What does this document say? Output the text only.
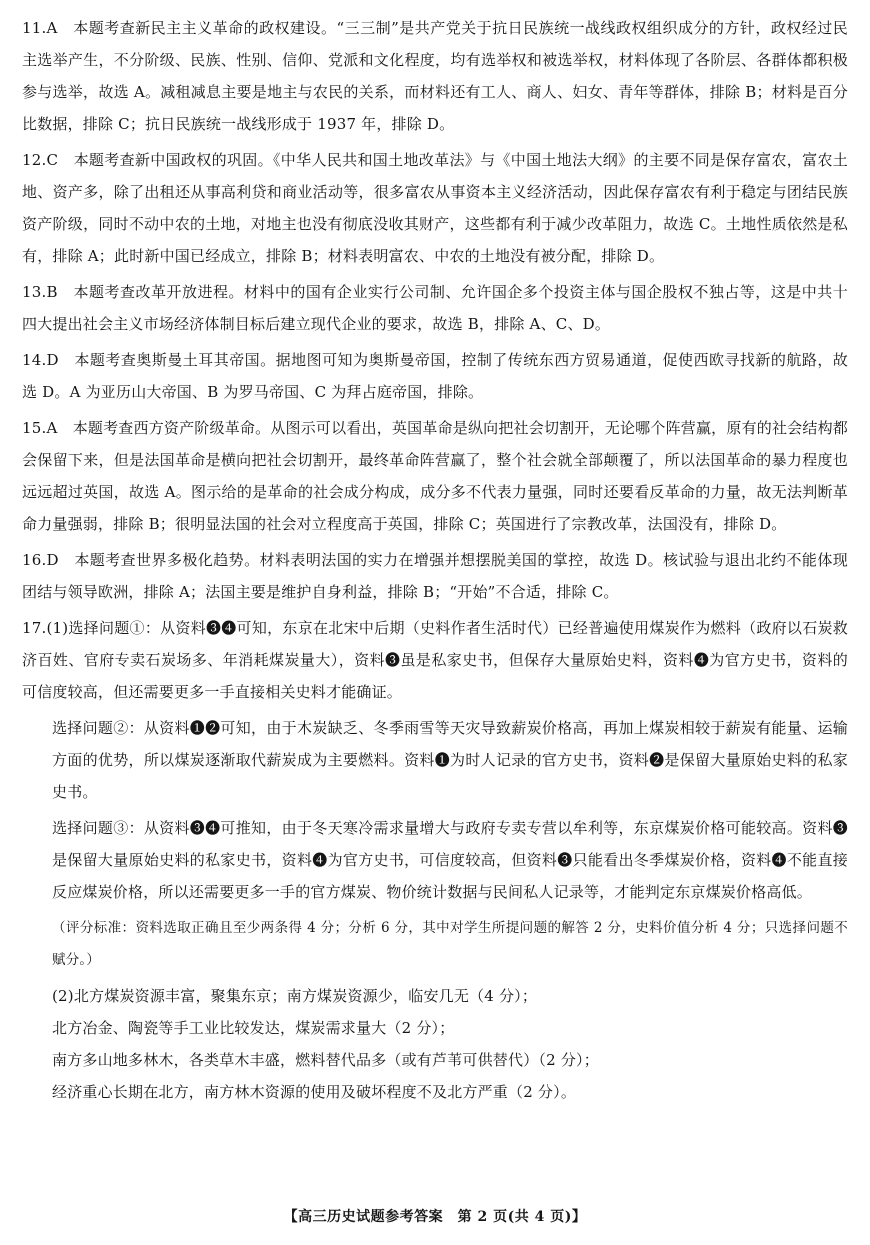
11.A　本题考查新民主主义革命的政权建设。“三三制”是共产党关于抗日民族统一战线政权组织成分的方针，政权经过民主选举产生，不分阶级、民族、性别、信仰、党派和文化程度，均有选举权和被选举权，材料体现了各阶层、各群体都积极参与选举，故选 A。减租减息主要是地主与农民的关系，而材料还有工人、商人、妇女、青年等群体，排除 B；材料是百分比数据，排除 C；抗日民族统一战线形成于 1937 年，排除 D。

12.C　本题考查新中国政权的巩固。《中华人民共和国土地改革法》与《中国土地法大纲》的主要不同是保存富农，富农土地、资产多，除了出租还从事高利贷和商业活动等，很多富农从事资本主义经济活动，因此保存富农有利于稳定与团结民族资产阶级，同时不动中农的土地，对地主也没有彻底没收其财产，这些都有利于减少改革阻力，故选 C。土地性质依然是私有，排除 A；此时新中国已经成立，排除 B；材料表明富农、中农的土地没有被分配，排除 D。

13.B　本题考查改革开放进程。材料中的国有企业实行公司制、允许国企多个投资主体与国企股权不独占等，这是中共十四大提出社会主义市场经济体制目标后建立现代企业的要求，故选 B，排除 A、C、D。

14.D　本题考查奥斯曼土耳其帝国。据地图可知为奥斯曼帝国，控制了传统东西方贸易通道，促使西欧寻找新的航路，故选 D。A 为亚历山大帝国、B 为罗马帝国、C 为拜占庭帝国，排除。

15.A　本题考查西方资产阶级革命。从图示可以看出，英国革命是纵向把社会切割开，无论哪个阵营赢，原有的社会结构都会保留下来，但是法国革命是横向把社会切割开，最终革命阵营赢了，整个社会就全部颠覆了，所以法国革命的暴力程度也远远超过英国，故选 A。图示给的是革命的社会成分构成，成分多不代表力量强，同时还要看反革命的力量，故无法判断革命力量强弱，排除 B；很明显法国的社会对立程度高于英国，排除 C；英国进行了宗教改革，法国没有，排除 D。

16.D　本题考查世界多极化趋势。材料表明法国的实力在增强并想摆脱美国的掌控，故选 D。核试验与退出北约不能体现团结与领导欧洲，排除 A；法国主要是维护自身利益，排除 B；“开始”不合适，排除 C。

17.(1)选择问题①：从资料❸❹可知，东京在北宋中后期（史料作者生活时代）已经普遍使用煤炭作为燃料（政府以石炭救济百姓、官府专卖石炭场多、年消耗煤炭量大），资料❸虽是私家史书，但保存大量原始史料，资料❹为官方史书，资料的可信度较高，但还需要更多一手直接相关史料才能确证。

选择问题②：从资料❶❷可知，由于木炭缺乏、冬季雨雪等天灾导致薪炭价格高，再加上煤炭相较于薪炭有能量、运输方面的优势，所以煤炭逐渐取代薪炭成为主要燃料。资料❶为时人记录的官方史书，资料❷是保留大量原始史料的私家史书。

选择问题③：从资料❸❹可推知，由于冬天寒冷需求量增大与政府专卖专营以牟利等，东京煤炭价格可能较高。资料❸是保留大量原始史料的私家史书，资料❹为官方史书，可信度较高，但资料❸只能看出冬季煤炭价格，资料❹不能直接反应煤炭价格，所以还需要更多一手的官方煤炭、物价统计数据与民间私人记录等，才能判定东京煤炭价格高低。

（评分标准：资料选取正确且至少两条得 4 分；分析 6 分，其中对学生所提问题的解答 2 分，史料价值分析 4 分；只选择问题不赋分。）

(2)北方煤炭资源丰富，聚集东京；南方煤炭资源少，临安几无（4 分）；

北方冶金、陶瓷等手工业比较发达，煤炭需求量大（2 分）；

南方多山地多林木，各类草木丰盛，燃料替代品多（或有芦苇可供替代）（2 分）；

经济重心长期在北方，南方林木资源的使用及破坏程度不及北方严重（2 分）。

【高三历史试题参考答案　第 2 页(共 4 页)】
